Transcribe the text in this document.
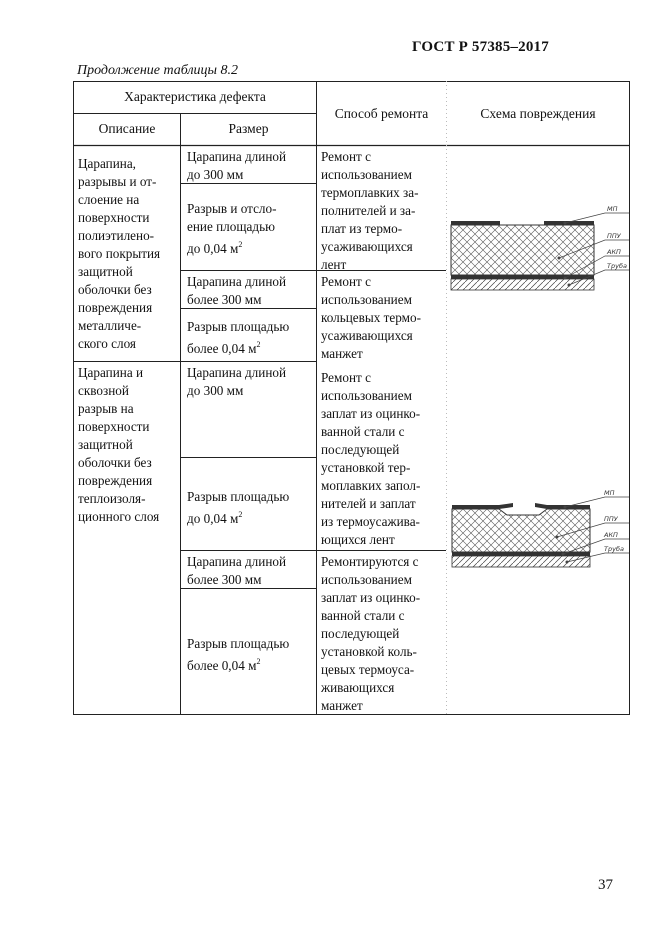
ГОСТ Р 57385–2017
Продолжение таблицы 8.2
Характеристика дефекта
Описание	Размер
Способ ремонта	Схема повреждения
Царапина,
разрывы и от-
слоение на
поверхности
полиэтилено-
вого покрытия
защитной
оболочки без
повреждения
металличе-
ского слоя
Царапина длиной
до 300 мм
Разрыв и отсло-
ение площадью
до 0,04 $м^2$
Царапина длиной
более 300 мм
Разрыв площадью
более 0,04 $м^2$
Ремонт с
использованием
термоплавких за-
полнителей и за-
плат из термо-
усаживающихся
лент
Ремонт с
использованием
кольцевых термо-
усаживающихся
манжет
Царапина и
сквозной
разрыв на
поверхности
защитной
оболочки без
повреждения
теплоизоля-
ционного слоя
Царапина длиной
до 300 мм
Разрыв площадью
до 0,04 $м^2$
Царапина длиной
более 300 мм
Разрыв площадью
более 0,04 $м^2$
Ремонт с
использованием
заплат из оцинко-
ванной стали с
последующей
установкой тер-
моплавких запол-
нителей и заплат
из термоусажива-
ющихся лент
Ремонтируются с
использованием
заплат из оцинко-
ванной стали с
последующей
установкой коль-
цевых термоуса-
живающихся
манжет
МП
ППУ
АКП
Труба
МП
ППУ
АКП
Труба
37
